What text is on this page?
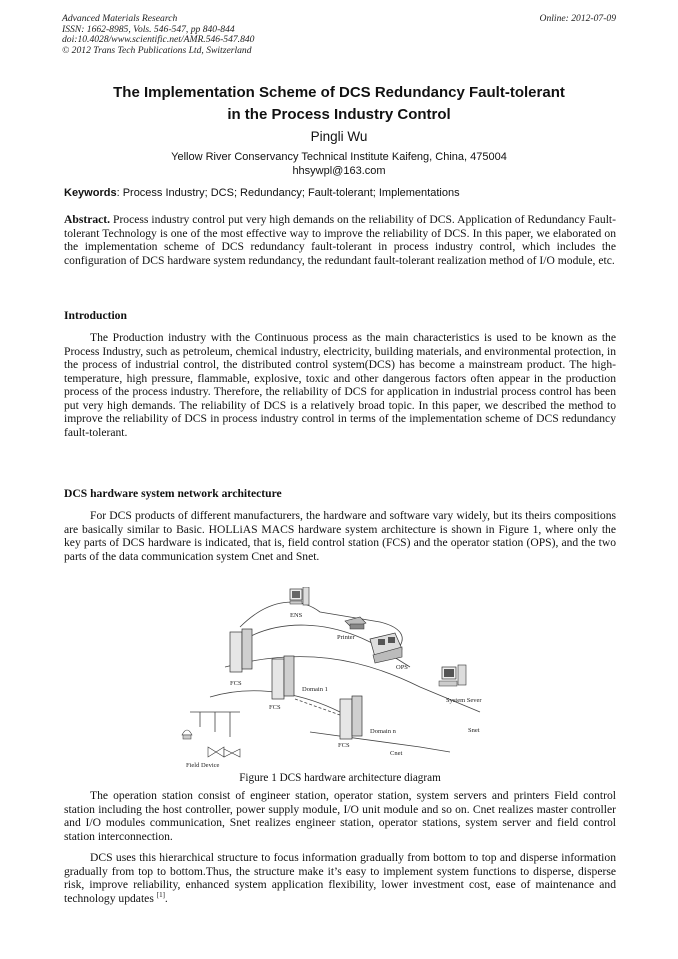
Advanced Materials Research
ISSN: 1662-8985, Vols. 546-547, pp 840-844
doi:10.4028/www.scientific.net/AMR.546-547.840
© 2012 Trans Tech Publications Ltd, Switzerland
Online: 2012-07-09
The Implementation Scheme of DCS Redundancy Fault-tolerant
in the Process Industry Control
Pingli Wu
Yellow River Conservancy Technical Institute Kaifeng, China, 475004
hhsywpl@163.com
Keywords: Process Industry; DCS; Redundancy; Fault-tolerant; Implementations
Abstract. Process industry control put very high demands on the reliability of DCS. Application of Redundancy Fault-tolerant Technology is one of the most effective way to improve the reliability of DCS. In this paper, we elaborated on the implementation scheme of DCS redundancy fault-tolerant in process industry control, which includes the configuration of DCS hardware system redundancy, the redundant fault-tolerant realization method of I/O module, etc.
Introduction
The Production industry with the Continuous process as the main characteristics is used to be known as the Process Industry, such as petroleum, chemical industry, electricity, building materials, and environmental protection, in the process of industrial control, the distributed control system(DCS) has become a mainstream product. The high-temperature, high pressure, flammable, explosive, toxic and other dangerous factors often appear in the production process of the process industry. Therefore, the reliability of DCS for application in industrial process control has been put very high demands. The reliability of DCS is a relatively broad topic. In this paper, we described the method to improve the reliability of DCS in process industry control in terms of the implementation scheme of DCS redundancy fault-tolerant.
DCS hardware system network architecture
For DCS products of different manufacturers, the hardware and software vary widely, but its theirs compositions are basically similar to Basic. HOLLiAS MACS hardware system architecture is shown in Figure 1, where only the key parts of DCS hardware is indicated, that is, field control station (FCS) and the operator station (OPS), and the two parts of the data communication system Cnet and Snet.
ENS
Printer
OPS
FCS
FCS
Domain 1
FCS
Domain n
Cnet
System Sever
Snet
Field Device
Figure 1 DCS hardware architecture diagram
The operation station consist of engineer station, operator station, system servers and printers Field control station including the host controller, power supply module, I/O unit module and so on. Cnet realizes master controller and I/O modules communication, Snet realizes engineer station, operator stations, system server and field control station interconnection.
DCS uses this hierarchical structure to focus information gradually from bottom to top and disperse information gradually from top to bottom.Thus, the structure make it’s easy to implement system functions to disperse, disperse risk, improve reliability, enhanced system application flexibility, lower investment cost, ease of maintenance and technology updates [1].
